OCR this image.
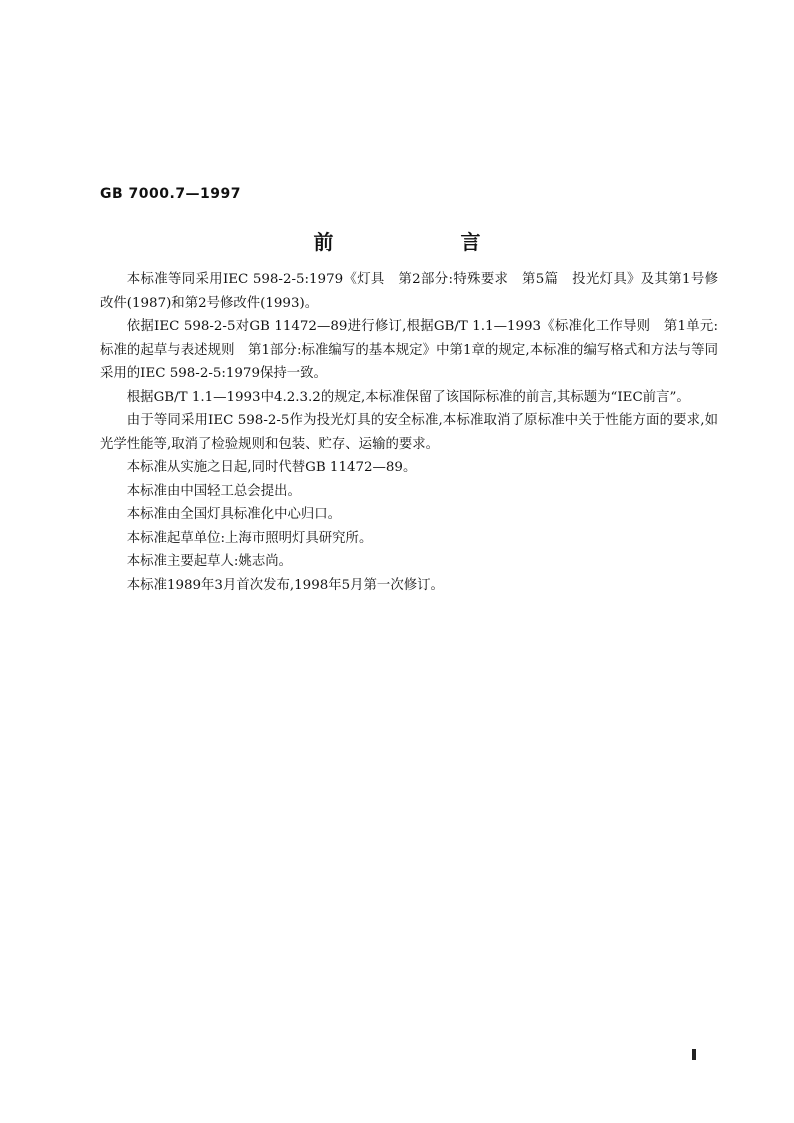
GB 7000.7—1997
前 言

本标准等同采用IEC 598-2-5:1979《灯具　第2部分:特殊要求　第5篇　投光灯具》及其第1号修改件(1987)和第2号修改件(1993)。

依据IEC 598-2-5对GB 11472—89进行修订,根据GB/T 1.1—1993《标准化工作导则　第1单元:标准的起草与表述规则　第1部分:标准编写的基本规定》中第1章的规定,本标准的编写格式和方法与等同采用的IEC 598-2-5:1979保持一致。

根据GB/T 1.1—1993中4.2.3.2的规定,本标准保留了该国际标准的前言,其标题为“IEC前言”。

由于等同采用IEC 598-2-5作为投光灯具的安全标准,本标准取消了原标准中关于性能方面的要求,如光学性能等,取消了检验规则和包装、贮存、运输的要求。

本标准从实施之日起,同时代替GB 11472—89。

本标准由中国轻工总会提出。

本标准由全国灯具标准化中心归口。

本标准起草单位:上海市照明灯具研究所。

本标准主要起草人:姚志尚。

本标准1989年3月首次发布,1998年5月第一次修订。
